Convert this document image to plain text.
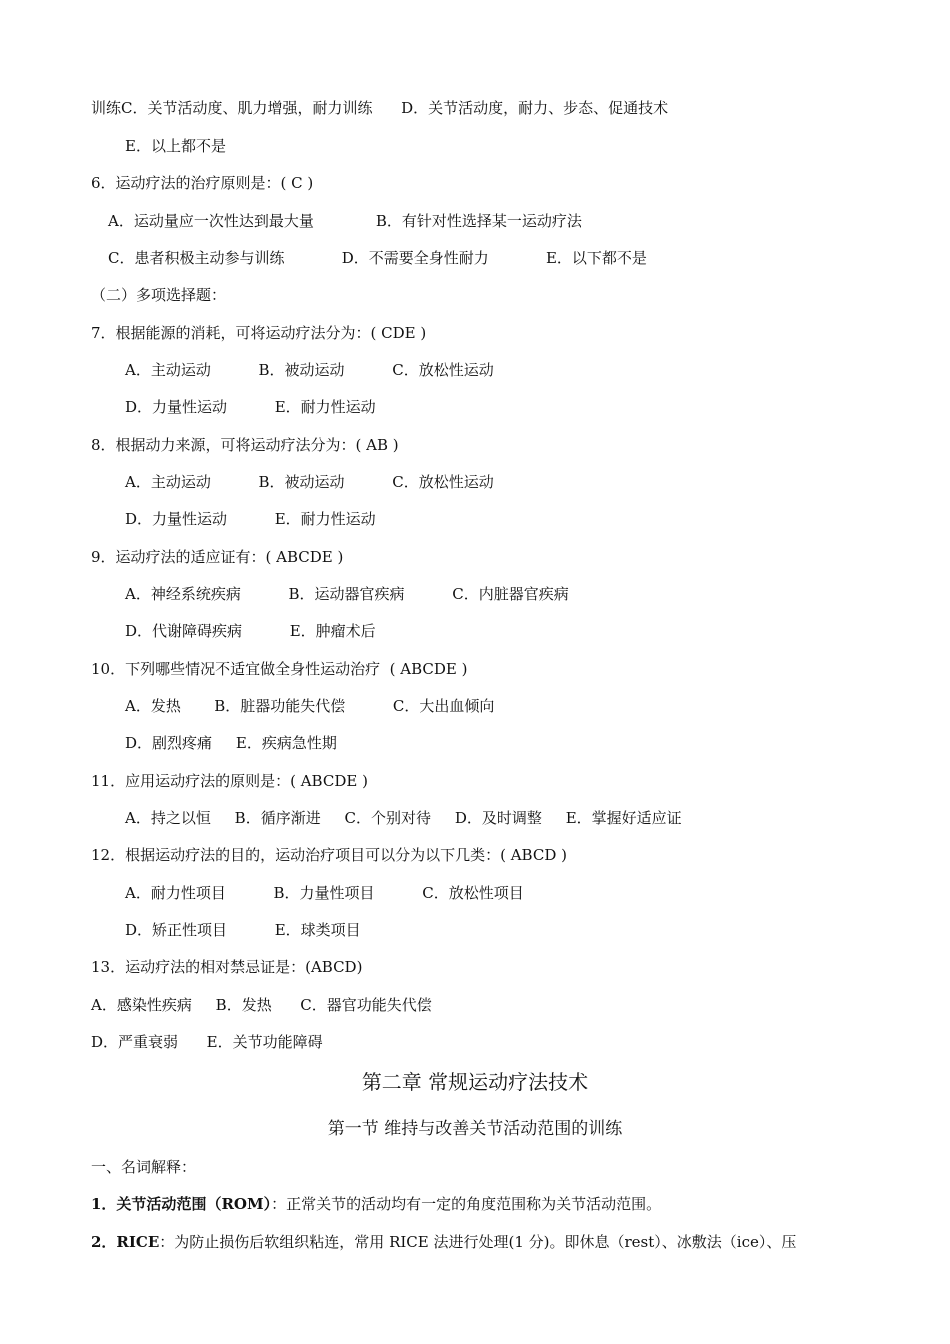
训练C．关节活动度、肌力增强，耐力训练      D．关节活动度，耐力、步态、促通技术
E．以上都不是
6．运动疗法的治疗原则是：( C )
A．运动量应一次性达到最大量             B．有针对性选择某一运动疗法
C．患者积极主动参与训练            D．不需要全身性耐力            E．以下都不是
（二）多项选择题：
7．根据能源的消耗，可将运动疗法分为：( CDE )
A．主动运动          B．被动运动          C．放松性运动
D．力量性运动          E．耐力性运动
8．根据动力来源，可将运动疗法分为：( AB )
A．主动运动          B．被动运动          C．放松性运动
D．力量性运动          E．耐力性运动
9．运动疗法的适应证有：( ABCDE )
A．神经系统疾病          B．运动器官疾病          C．内脏器官疾病
D．代谢障碍疾病          E．肿瘤术后
10．下列哪些情况不适宜做全身性运动治疗  ( ABCDE )
A．发热       B．脏器功能失代偿          C．大出血倾向
D．剧烈疼痛     E．疾病急性期
11．应用运动疗法的原则是：( ABCDE )
A．持之以恒     B．循序渐进     C．个别对待     D．及时调整     E．掌握好适应证
12．根据运动疗法的目的，运动治疗项目可以分为以下几类：( ABCD )
A．耐力性项目          B．力量性项目          C．放松性项目
D．矫正性项目          E．球类项目
13．运动疗法的相对禁忌证是：(ABCD)
A．感染性疾病     B．发热      C．器官功能失代偿
D．严重衰弱      E．关节功能障碍
第二章 常规运动疗法技术
第一节 维持与改善关节活动范围的训练
一、名词解释：
1．关节活动范围（ROM）：正常关节的活动均有一定的角度范围称为关节活动范围。
2．RICE：为防止损伤后软组织粘连，常用 RICE 法进行处理(1 分)。即休息（rest）、冰敷法（ice）、压
